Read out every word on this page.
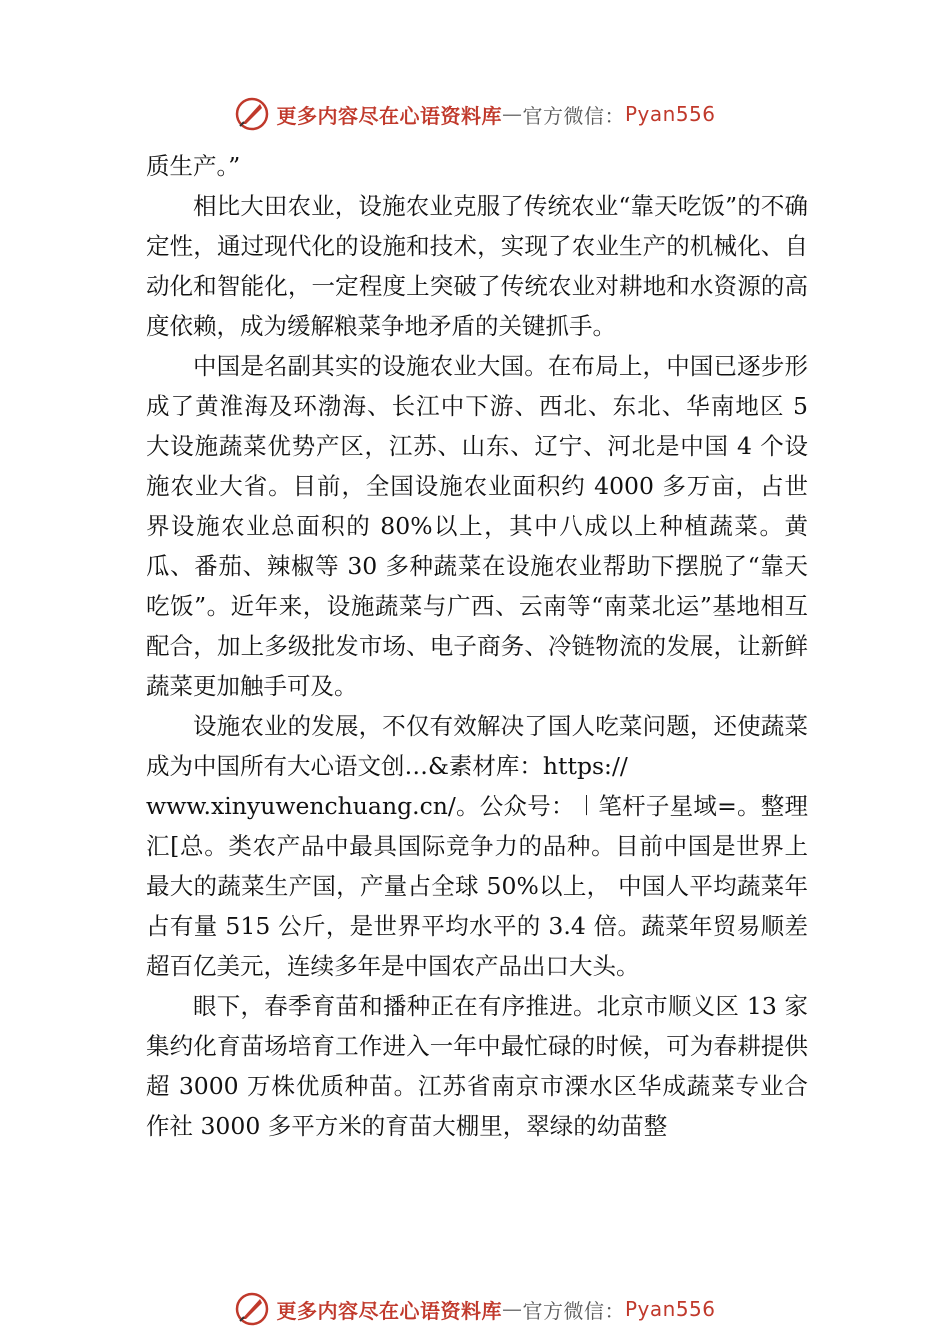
更多内容尽在心语资料库 — 官方微信： Pyan556

质生产。”

相比大田农业，设施农业克服了传统农业“靠天吃饭”的不确定性，通过现代化的设施和技术，实现了农业生产的机械化、自动化和智能化，一定程度上突破了传统农业对耕地和水资源的高度依赖，成为缓解粮菜争地矛盾的关键抓手。

中国是名副其实的设施农业大国。在布局上，中国已逐步形成了黄淮海及环渤海、长江中下游、西北、东北、华南地区 5 大设施蔬菜优势产区，江苏、山东、辽宁、河北是中国 4 个设施农业大省。目前，全国设施农业面积约 4000 多万亩，占世界设施农业总面积的 80%以上，其中八成以上种植蔬菜。黄瓜、番茄、辣椒等 30 多种蔬菜在设施农业帮助下摆脱了“靠天吃饭”。近年来，设施蔬菜与广西、云南等“南菜北运”基地相互配合，加上多级批发市场、电子商务、冷链物流的发展，让新鲜蔬菜更加触手可及。

设施农业的发展，不仅有效解决了国人吃菜问题，还使蔬菜成为中国所有大心语文创…&素材库：https://

www.xinyuwenchuang.cn/。公众号：︱笔杆子星域=。整理汇[总。类农产品中最具国际竞争力的品种。目前中国是世界上最大的蔬菜生产国，产量占全球 50%以上， 中国人平均蔬菜年占有量 515 公斤，是世界平均水平的 3.4 倍。蔬菜年贸易顺差超百亿美元，连续多年是中国农产品出口大头。

眼下，春季育苗和播种正在有序推进。北京市顺义区 13 家集约化育苗场培育工作进入一年中最忙碌的时候，可为春耕提供超 3000 万株优质种苗。江苏省南京市溧水区华成蔬菜专业合作社 3000 多平方米的育苗大棚里，翠绿的幼苗整

更多内容尽在心语资料库 — 官方微信： Pyan556
